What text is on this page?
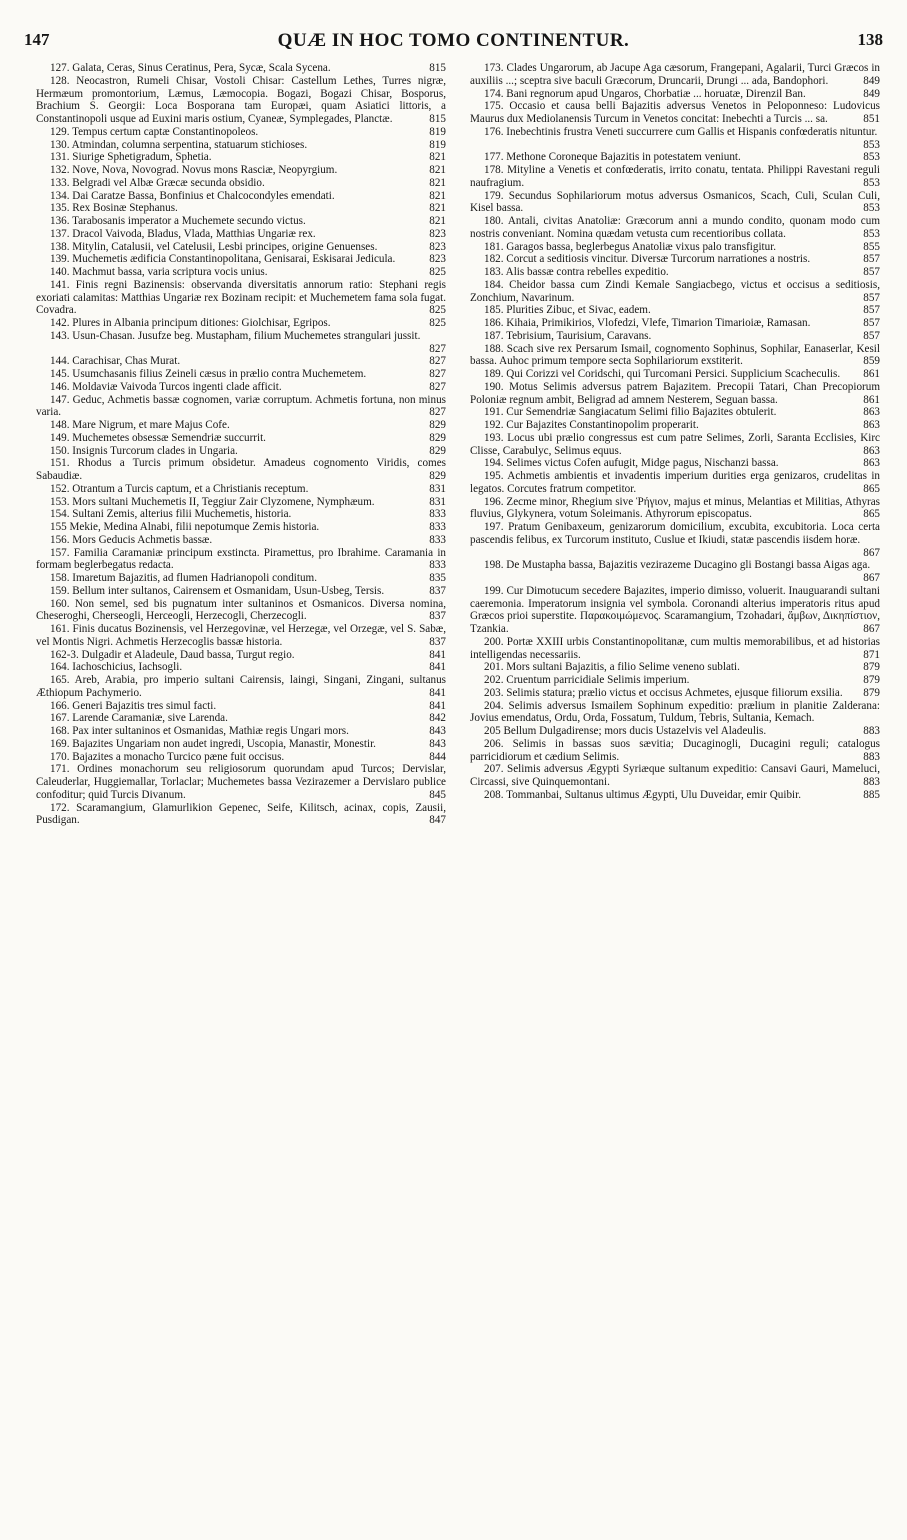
147	QUÆ IN HOC TOMO CONTINENTUR.	138
127. Galata, Ceras, Sinus Ceratinus, Pera, Sycæ, Scala Sycena.	815
128. Neocastron, Rumeli Chisar, Vostoli Chisar: Castellum Lethes, Turres nigræ, Hermæum promontorium, Læmus, Læmocopia. Bogazi, Bogazi Chisar, Bosporus, Brachium S. Georgii: Loca Bosporana tam Europæi, quam Asiatici littoris, a Constantinopoli usque ad Euxini maris ostium, Cyaneæ, Symplegades, Planctæ.	815
129. Tempus certum captæ Constantinopoleos.	819
130. Atmindan, columna serpentina, statuarum stichioses.	819
131. Siurige Sphetigradum, Sphetia.	821
132. Nove, Nova, Novograd. Novus mons Rasciæ, Neopyrgium.	821
133. Belgradi vel Albæ Græcæ secunda obsidio.	821
134. Dai Caratze Bassa, Bonfinius et Chalcocondyles emendati.	821
135. Rex Bosinæ Stephanus.	821
136. Tarabosanis imperator a Muchemete secundo victus.	821
137. Dracol Vaivoda, Bladus, Vlada, Matthias Ungariæ rex.	823
138. Mitylin, Catalusii, vel Catelusii, Lesbi principes, origine Genuenses.	823
139. Muchemetis ædificia Constantinopolitana, Genisarai, Eskisarai Jedicula.	823
140. Machmut bassa, varia scriptura vocis unius.	825
141. Finis regni Bazinensis: observanda diversitatis annorum ratio: Stephani regis exoriati calamitas: Matthias Ungariæ rex Bozinam recipit: et Muchemetem fama sola fugat. Covadra.	825
142. Plures in Albania principum ditiones: Giolchisar, Egripos.	825
143. Usun-Chasan. Jusufze beg. Mustapham, filium Muchemetes strangulari jussit.
827
144. Carachisar, Chas Murat.	827
145. Usumchasanis filius Zeineli cæsus in prælio contra Muchemetem.	827
146. Moldaviæ Vaivoda Turcos ingenti clade afficit.	827
147. Geduc, Achmetis bassæ cognomen, variæ corruptum. Achmetis fortuna, non minus varia.	827
148. Mare Nigrum, et mare Majus Cofe.	829
149. Muchemetes obsessæ Semendriæ succurrit.	829
150. Insignis Turcorum clades in Ungaria.	829
151. Rhodus a Turcis primum obsidetur. Amadeus cognomento Viridis, comes Sabaudiæ.	829
152. Otrantum a Turcis captum, et a Christianis receptum.	831
153. Mors sultani Muchemetis II, Teggiur Zair Clyzomene, Nymphæum.	831
154. Sultani Zemis, alterius filii Muchemetis, historia.	833
155 Mekie, Medina Alnabi, filii nepotumque Zemis historia.	833
156. Mors Geducis Achmetis bassæ.	833
157. Familia Caramaniæ principum exstincta. Piramettus, pro Ibrahime. Caramania in formam beglerbegatus redacta.	833
158. Imaretum Bajazitis, ad flumen Hadrianopoli conditum.	835
159. Bellum inter sultanos, Cairensem et Osmanidam, Usun-Usbeg, Tersis.	837
160. Non semel, sed bis pugnatum inter sultaninos et Osmanicos. Diversa nomina, Cheseroghi, Cherseogli, Herceogli, Herzecogli, Cherzecogli.	837
161. Finis ducatus Bozinensis, vel Herzegovinæ, vel Herzegæ, vel Orzegæ, vel S. Sabæ, vel Montis Nigri. Achmetis Herzecoglis bassæ historia.	837
162-3. Dulgadir et Aladeule, Daud bassa, Turgut regio.	841
164. Iachoschicius, Iachsogli.	841
165. Areb, Arabia, pro imperio sultani Cairensis, laingi, Singani, Zingani, sultanus Æthiopum Pachymerio.	841
166. Generi Bajazitis tres simul facti.	841
167. Larende Caramaniæ, sive Larenda.	842
168. Pax inter sultaninos et Osmanidas, Mathiæ regis Ungari mors.	843
169. Bajazites Ungariam non audet ingredi, Uscopia, Manastir, Monestir.	843
170. Bajazites a monacho Turcico pæne fuit occisus.	844
171. Ordines monachorum seu religiosorum quorundam apud Turcos; Dervislar, Caleuderlar, Huggiemallar, Torlaclar; Muchemetes bassa Vezirazemer a Dervislaro publice confoditur; quid Turcis Divanum.	845
172. Scaramangium, Glamurlikion Gepenec, Seife, Kilitsch, acinax, copis, Zausii, Pusdigan.	847
173. Clades Ungarorum, ab Jacupe Aga cæsorum, Frangepani, Agalarii, Turci Græcos in auxiliis ...; sceptra sive baculi Græcorum, Druncarii, Drungi ... ada, Bandophori.	849
174. Bani regnorum apud Ungaros, Chorbatiæ ... horuatæ, Direnzil Ban.	849
175. Occasio et causa belli Bajazitis adversus Venetos in Peloponneso: Ludovicus Maurus dux Mediolanensis Turcum in Venetos concitat: Inebechti a Turcis ... sa.	851
176. Inebechtinis frustra Veneti succurrere cum Gallis et Hispanis confœderatis nituntur.
853
177. Methone Coroneque Bajazitis in potestatem veniunt.	853
178. Mityline a Venetis et confœderatis, irrito conatu, tentata. Philippi Ravestani reguli naufragium.	853
179. Secundus Sophilariorum motus adversus Osmanicos, Scach, Culi, Sculan Culi, Kisel bassa.	853
180. Antali, civitas Anatoliæ: Græcorum anni a mundo condito, quonam modo cum nostris conveniant. Nomina quædam vetusta cum recentioribus collata.	853
181. Garagos bassa, beglerbegus Anatoliæ vixus palo transfigitur.	855
182. Corcut a seditiosis vincitur. Diversæ Turcorum narrationes a nostris.	857
183. Alis bassæ contra rebelles expeditio.	857
184. Cheidor bassa cum Zindi Kemale Sangiacbego, victus et occisus a seditiosis, Zonchium, Navarinum.	857
185. Plurities Zibuc, et Sivac, eadem.	857
186. Kihaia, Primikirios, Vlofedzi, Vlefe, Timarion Timarioiæ, Ramasan.	857
187. Tebrisium, Taurisium, Caravans.	857
188. Scach sive rex Persarum Ismail, cognomento Sophinus, Sophilar, Eanaserlar, Kesil bassa. Auhoc primum tempore secta Sophilariorum exstiterit.	859
189. Qui Corizzi vel Coridschi, qui Turcomani Persici. Supplicium Scacheculis.	861
190. Motus Selimis adversus patrem Bajazitem. Precopii Tatari, Chan Precopiorum Poloniæ regnum ambit, Beligrad ad amnem Nesterem, Seguan bassa.	861
191. Cur Semendriæ Sangiacatum Selimi filio Bajazites obtulerit.	863
192. Cur Bajazites Constantinopolim properarit.	863
193. Locus ubi prælio congressus est cum patre Selimes, Zorli, Saranta Ecclisies, Kirc Clisse, Carabulyc, Selimus equus.	863
194. Selimes victus Cofen aufugit, Midge pagus, Nischanzi bassa.	863
195. Achmetis ambientis et invadentis imperium durities erga genizaros, crudelitas in legatos. Corcutes fratrum competitor.	865
196. Zecme minor, Rhegium sive Ῥήγιον, majus et minus, Melantias et Militias, Athyras fluvius, Glykynera, votum Soleimanis. Athyrorum episcopatus.	865
197. Pratum Genibaxeum, genizarorum domicilium, excubita, excubitoria. Loca certa pascendis felibus, ex Turcorum instituto, Cuslue et Ikiudi, statæ pascendis iisdem horæ.
867
198. De Mustapha bassa, Bajazitis vezirazeme Ducagino gli Bostangi bassa Aigas aga.
867
199. Cur Dimotucum secedere Bajazites, imperio dimisso, voluerit. Inauguarandi sultani caeremonia. Imperatorum insignia vel symbola. Coronandi alterius imperatoris ritus apud Græcos prioi superstite. Παρακοιμώμενος. Scaramangium, Tzohadari, ἄμβων, Δικηπίστιον, Tzankia.	867
200. Portæ XXIII urbis Constantinopolitanæ, cum multis memorabilibus, et ad historias intelligendas necessariis.	871
201. Mors sultani Bajazitis, a filio Selime veneno sublati.	879
202. Cruentum parricidiale Selimis imperium.	879
203. Selimis statura; prælio victus et occisus Achmetes, ejusque filiorum exsilia.	879
204. Selimis adversus Ismailem Sophinum expeditio: prælium in planitie Zalderana: Jovius emendatus, Ordu, Orda, Fossatum, Tuldum, Tebris, Sultania, Kemach.
205 Bellum Dulgadirense; mors ducis Ustazelvis vel Aladeulis.	883
206. Selimis in bassas suos sævitia; Ducaginogli, Ducagini reguli; catalogus parricidiorum et cædium Selimis.	883
207. Selimis adversus Ægypti Syriæque sultanum expeditio: Cansavi Gauri, Mameluci, Circassi, sive Quinquemontani.	883
208. Tommanbai, Sultanus ultimus Ægypti, Ulu Duveidar, emir Quibir.	885
